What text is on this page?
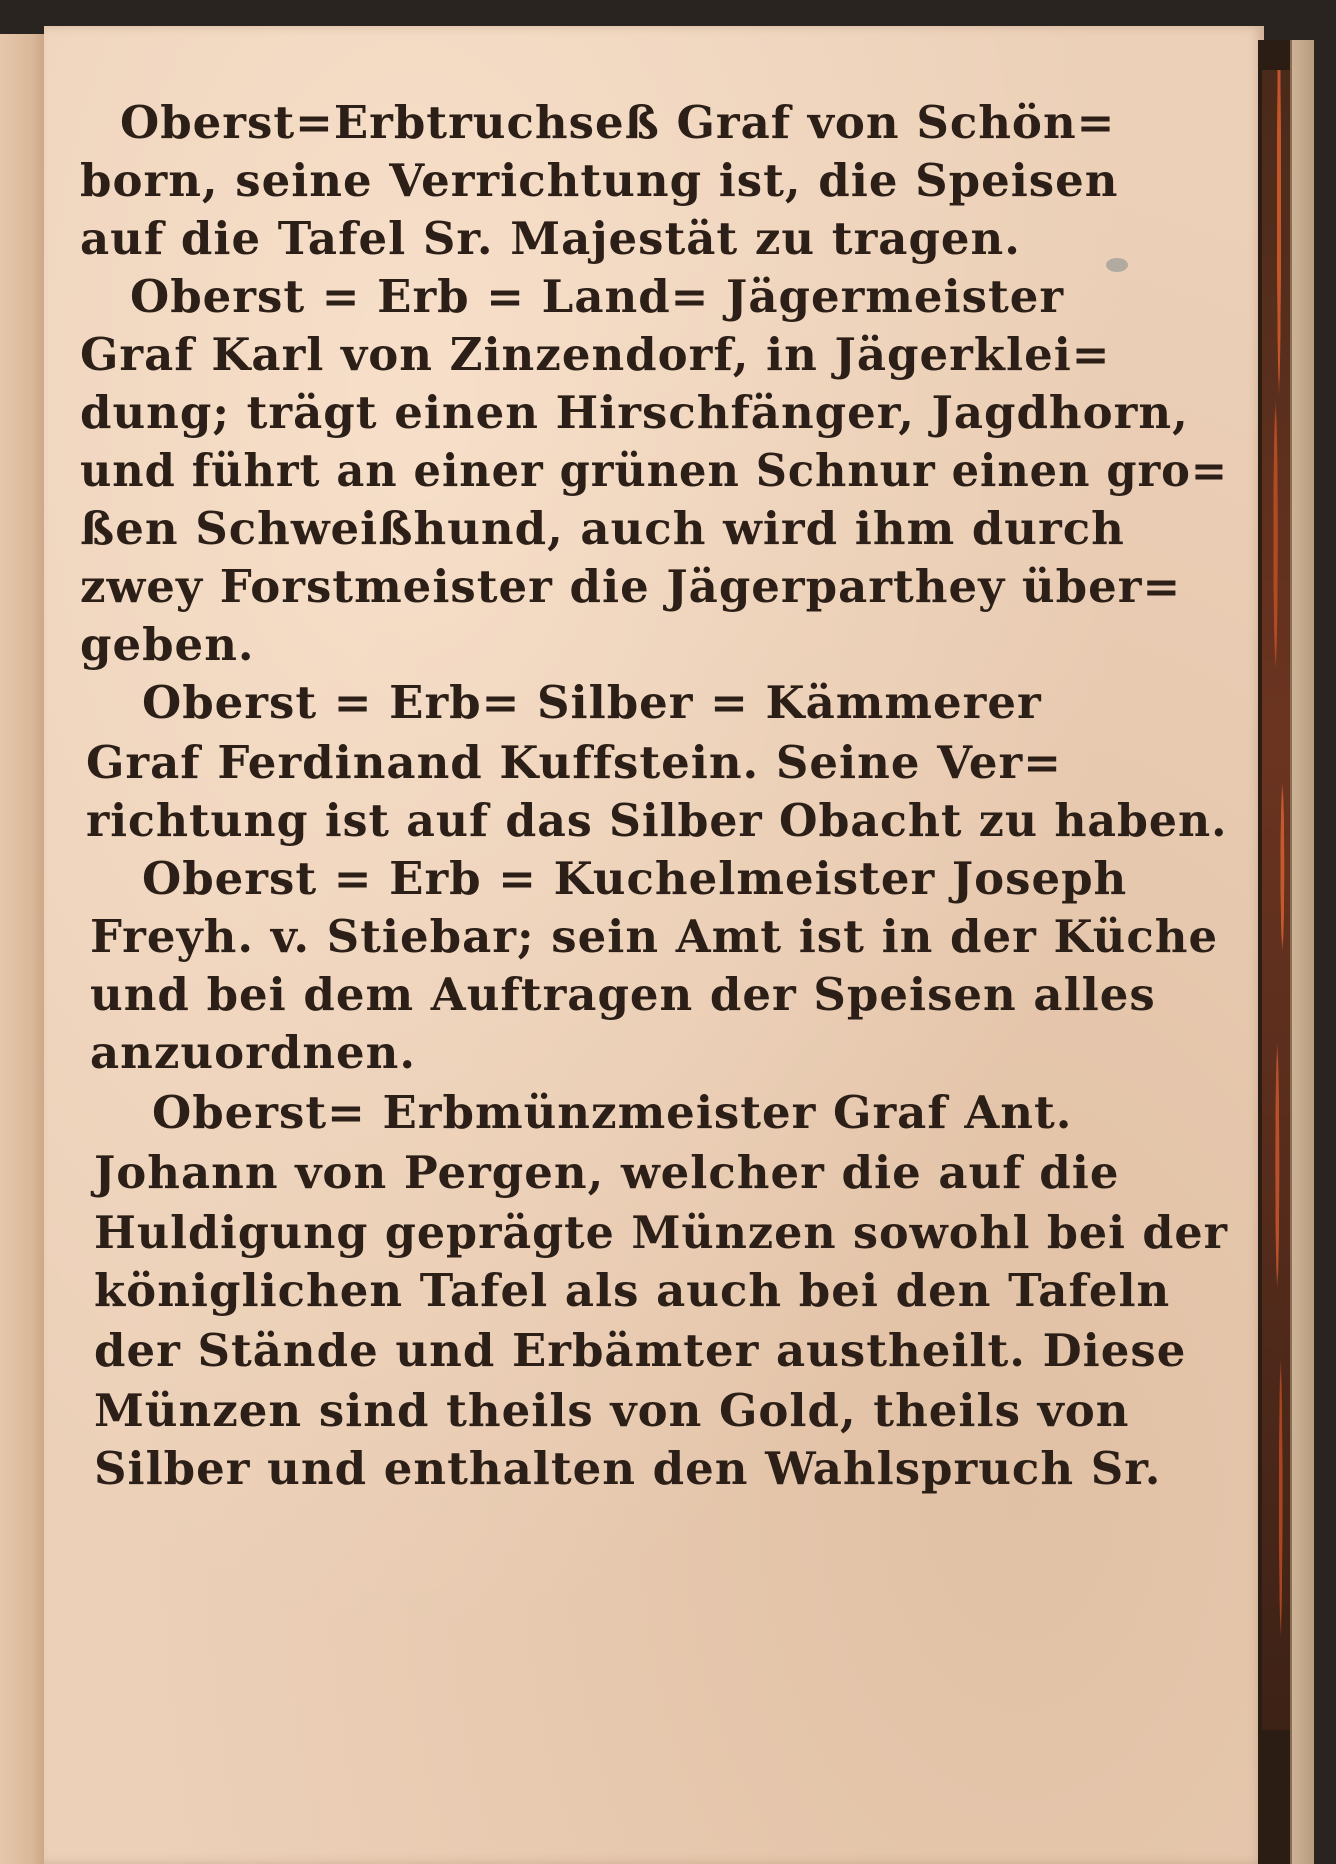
Oberst=Erbtruchseß Graf von Schön=
born, seine Verrichtung ist, die Speisen
auf die Tafel Sr. Majestät zu tragen.
Oberst = Erb = Land= Jägermeister
Graf Karl von Zinzendorf, in Jägerklei=
dung; trägt einen Hirschfänger, Jagdhorn,
und führt an einer grünen Schnur einen gro=
ßen Schweißhund, auch wird ihm durch
zwey Forstmeister die Jägerparthey über=
geben.
Oberst = Erb= Silber = Kämmerer
Graf Ferdinand Kuffstein. Seine Ver=
richtung ist auf das Silber Obacht zu haben.
Oberst = Erb = Kuchelmeister Joseph
Freyh. v. Stiebar; sein Amt ist in der Küche
und bei dem Auftragen der Speisen alles
anzuordnen.
Oberst= Erbmünzmeister Graf Ant.
Johann von Pergen, welcher die auf die
Huldigung geprägte Münzen sowohl bei der
königlichen Tafel als auch bei den Tafeln
der Stände und Erbämter austheilt. Diese
Münzen sind theils von Gold, theils von
Silber und enthalten den Wahlspruch Sr.
